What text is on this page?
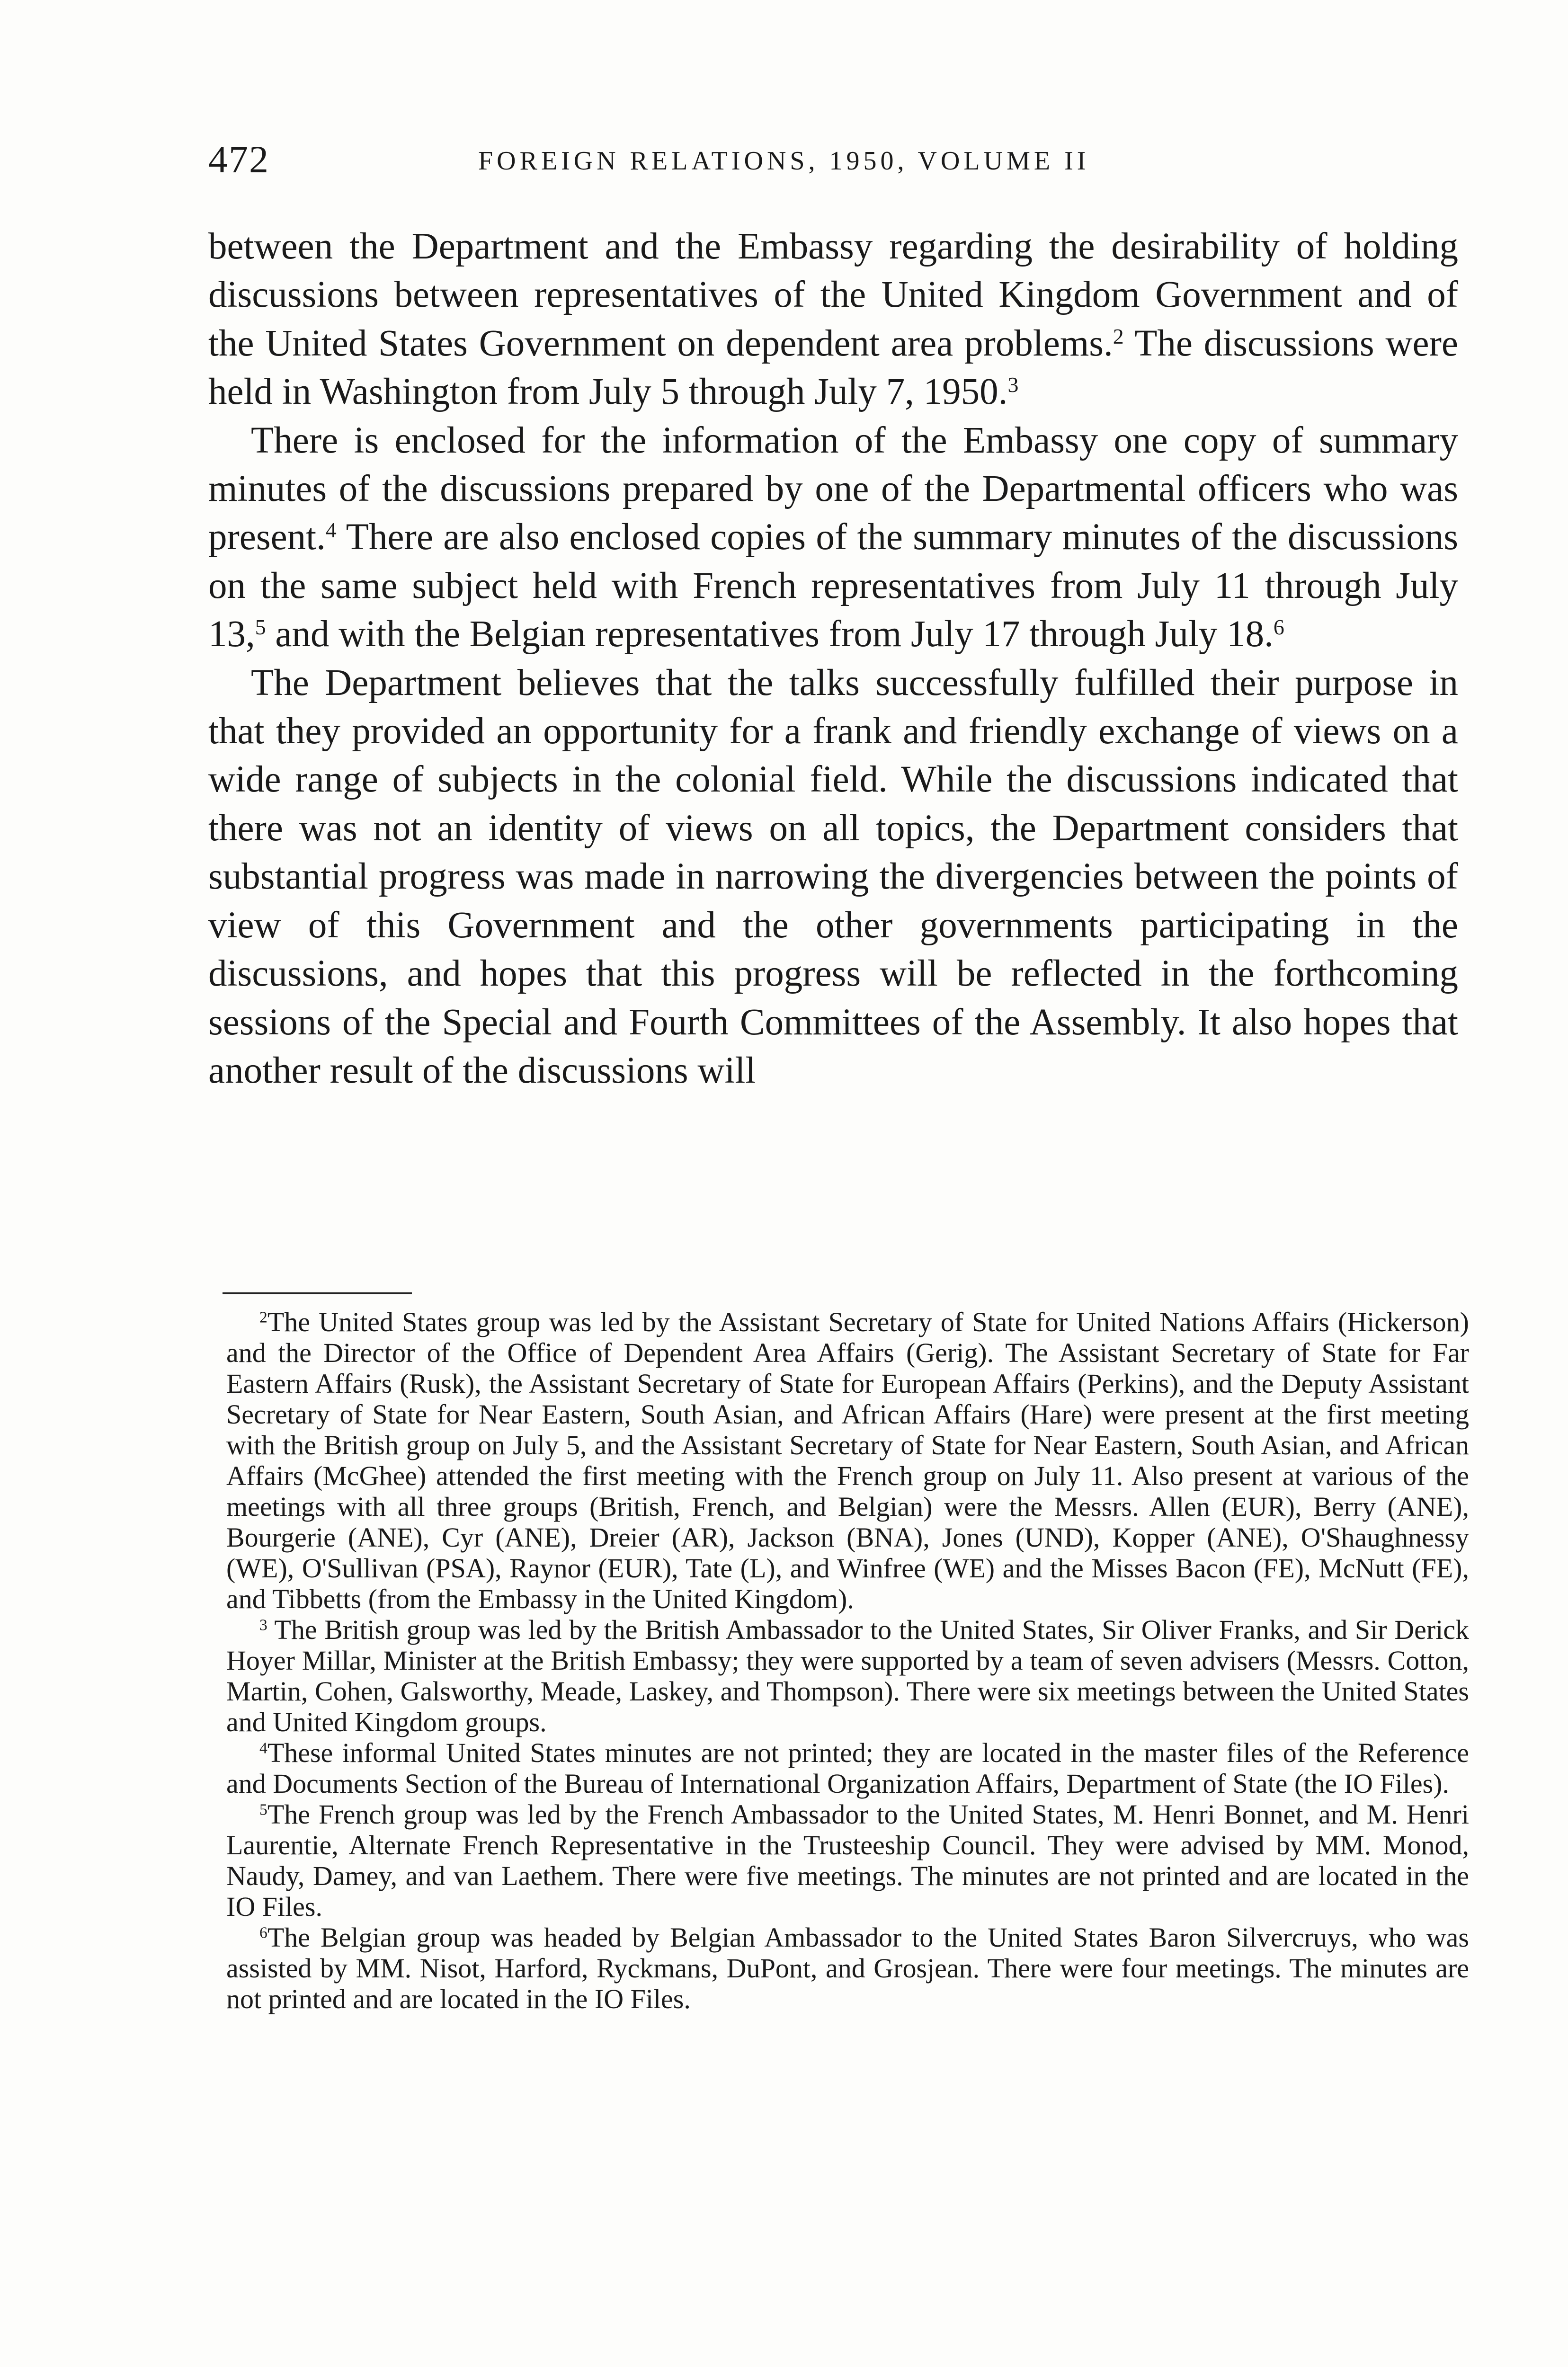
472	FOREIGN RELATIONS, 1950, VOLUME II

between the Department and the Embassy regarding the desirability of holding discussions between representatives of the United Kingdom Government and of the United States Government on dependent area problems.$^2$ The discussions were held in Washington from July 5 through July 7, 1950.$^3$

There is enclosed for the information of the Embassy one copy of summary minutes of the discussions prepared by one of the Departmental officers who was present.$^4$ There are also enclosed copies of the summary minutes of the discussions on the same subject held with French representatives from July 11 through July 13,$^5$ and with the Belgian representatives from July 17 through July 18.$^6$

The Department believes that the talks successfully fulfilled their purpose in that they provided an opportunity for a frank and friendly exchange of views on a wide range of subjects in the colonial field. While the discussions indicated that there was not an identity of views on all topics, the Department considers that substantial progress was made in narrowing the divergencies between the points of view of this Government and the other governments participating in the discussions, and hopes that this progress will be reflected in the forthcoming sessions of the Special and Fourth Committees of the Assembly. It also hopes that another result of the discussions will

$^2$The United States group was led by the Assistant Secretary of State for United Nations Affairs (Hickerson) and the Director of the Office of Dependent Area Affairs (Gerig). The Assistant Secretary of State for Far Eastern Affairs (Rusk), the Assistant Secretary of State for European Affairs (Perkins), and the Deputy Assistant Secretary of State for Near Eastern, South Asian, and African Affairs (Hare) were present at the first meeting with the British group on July 5, and the Assistant Secretary of State for Near Eastern, South Asian, and African Affairs (McGhee) attended the first meeting with the French group on July 11. Also present at various of the meetings with all three groups (British, French, and Belgian) were the Messrs. Allen (EUR), Berry (ANE), Bourgerie (ANE), Cyr (ANE), Dreier (AR), Jackson (BNA), Jones (UND), Kopper (ANE), O'Shaughnessy (WE), O'Sullivan (PSA), Raynor (EUR), Tate (L), and Winfree (WE) and the Misses Bacon (FE), McNutt (FE), and Tibbetts (from the Embassy in the United Kingdom).

$^3$ The British group was led by the British Ambassador to the United States, Sir Oliver Franks, and Sir Derick Hoyer Millar, Minister at the British Embassy; they were supported by a team of seven advisers (Messrs. Cotton, Martin, Cohen, Galsworthy, Meade, Laskey, and Thompson). There were six meetings between the United States and United Kingdom groups.

$^4$These informal United States minutes are not printed; they are located in the master files of the Reference and Documents Section of the Bureau of International Organization Affairs, Department of State (the IO Files).

$^5$The French group was led by the French Ambassador to the United States, M. Henri Bonnet, and M. Henri Laurentie, Alternate French Representative in the Trusteeship Council. They were advised by MM. Monod, Naudy, Damey, and van Laethem. There were five meetings. The minutes are not printed and are located in the IO Files.

$^6$The Belgian group was headed by Belgian Ambassador to the United States Baron Silvercruys, who was assisted by MM. Nisot, Harford, Ryckmans, DuPont, and Grosjean. There were four meetings. The minutes are not printed and are located in the IO Files.
